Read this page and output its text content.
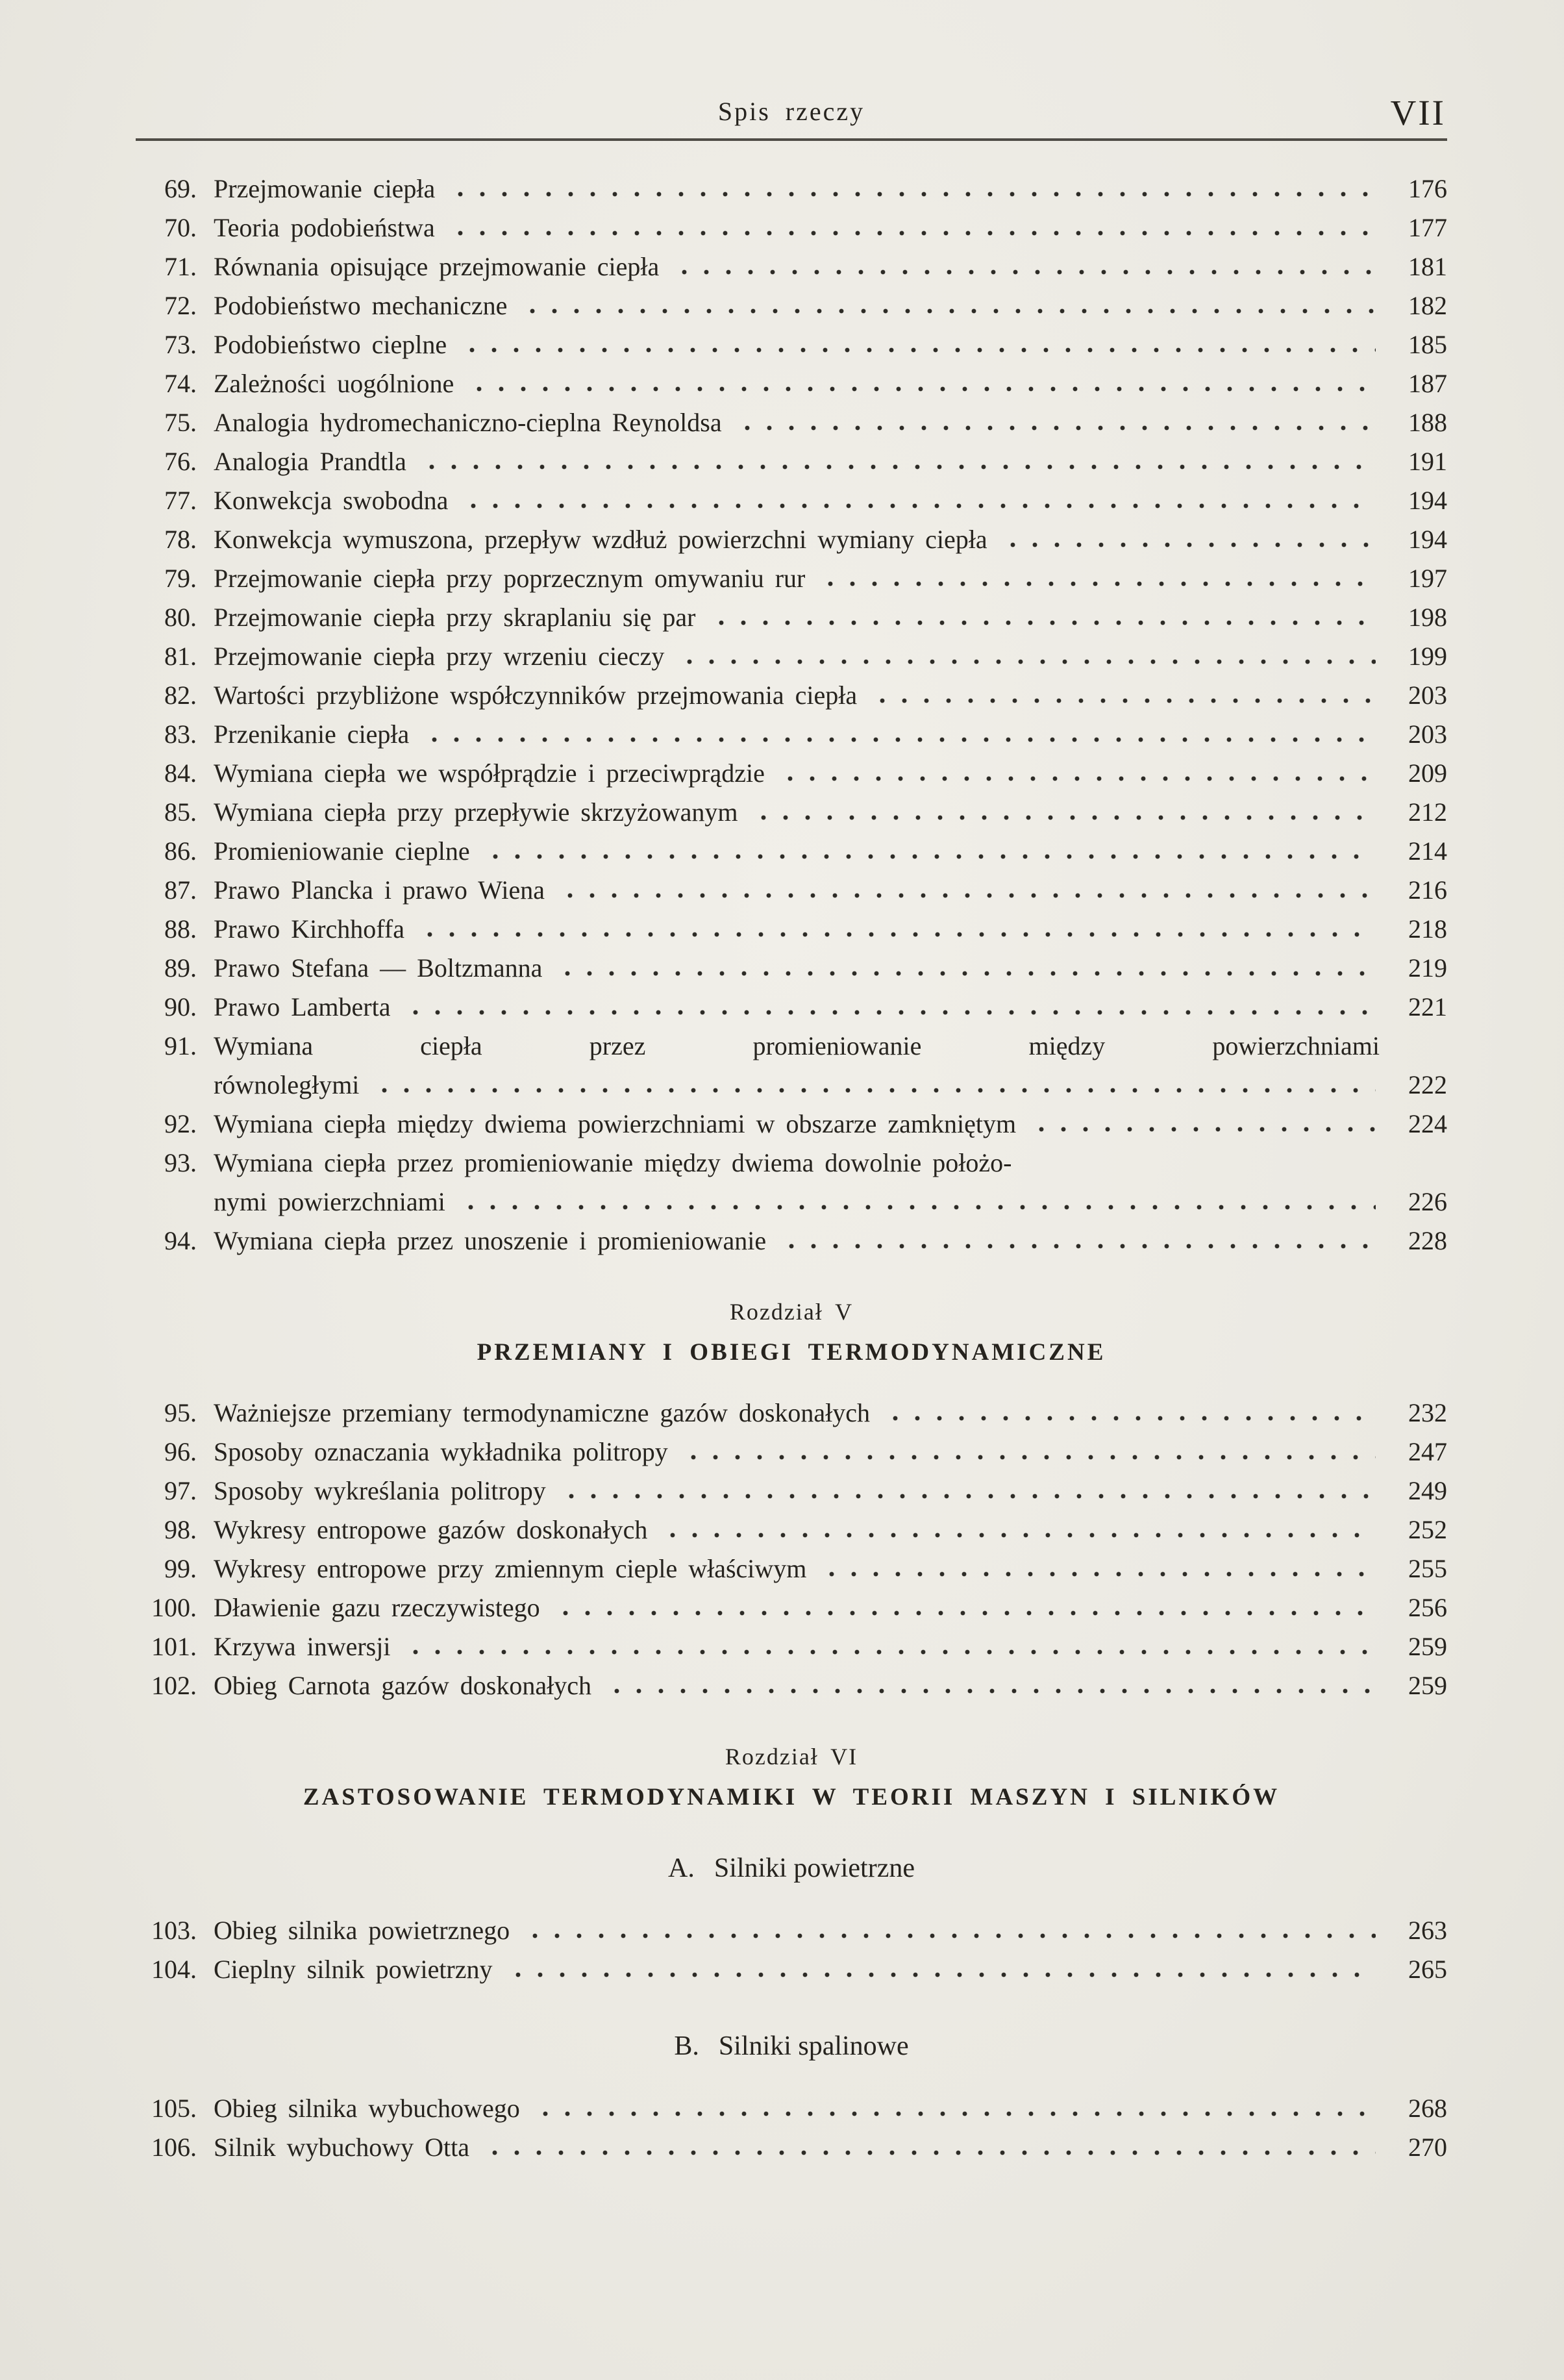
Spis rzeczy	VII
69. Przejmowanie ciepła	176
70. Teoria podobieństwa	177
71. Równania opisujące przejmowanie ciepła	181
72. Podobieństwo mechaniczne	182
73. Podobieństwo cieplne	185
74. Zależności uogólnione	187
75. Analogia hydromechaniczno-cieplna Reynoldsa	188
76. Analogia Prandtla	191
77. Konwekcja swobodna	194
78. Konwekcja wymuszona, przepływ wzdłuż powierzchni wymiany ciepła	194
79. Przejmowanie ciepła przy poprzecznym omywaniu rur	197
80. Przejmowanie ciepła przy skraplaniu się par	198
81. Przejmowanie ciepła przy wrzeniu cieczy	199
82. Wartości przybliżone współczynników przejmowania ciepła	203
83. Przenikanie ciepła	203
84. Wymiana ciepła we współprądzie i przeciwprądzie	209
85. Wymiana ciepła przy przepływie skrzyżowanym	212
86. Promieniowanie cieplne	214
87. Prawo Plancka i prawo Wiena	216
88. Prawo Kirchhoffa	218
89. Prawo Stefana — Boltzmanna	219
90. Prawo Lamberta	221
91. Wymiana ciepła przez promieniowanie między powierzchniami
równoległymi	222
92. Wymiana ciepła między dwiema powierzchniami w obszarze zamkniętym	224
93. Wymiana ciepła przez promieniowanie między dwiema dowolnie położo-
nymi powierzchniami	226
94. Wymiana ciepła przez unoszenie i promieniowanie	228
Rozdział V
PRZEMIANY I OBIEGI TERMODYNAMICZNE
95. Ważniejsze przemiany termodynamiczne gazów doskonałych	232
96. Sposoby oznaczania wykładnika politropy	247
97. Sposoby wykreślania politropy	249
98. Wykresy entropowe gazów doskonałych	252
99. Wykresy entropowe przy zmiennym cieple właściwym	255
100. Dławienie gazu rzeczywistego	256
101. Krzywa inwersji	259
102. Obieg Carnota gazów doskonałych	259
Rozdział VI
ZASTOSOWANIE TERMODYNAMIKI W TEORII MASZYN I SILNIKÓW
A. Silniki powietrzne
103. Obieg silnika powietrznego	263
104. Cieplny silnik powietrzny	265
B. Silniki spalinowe
105. Obieg silnika wybuchowego	268
106. Silnik wybuchowy Otta	270
